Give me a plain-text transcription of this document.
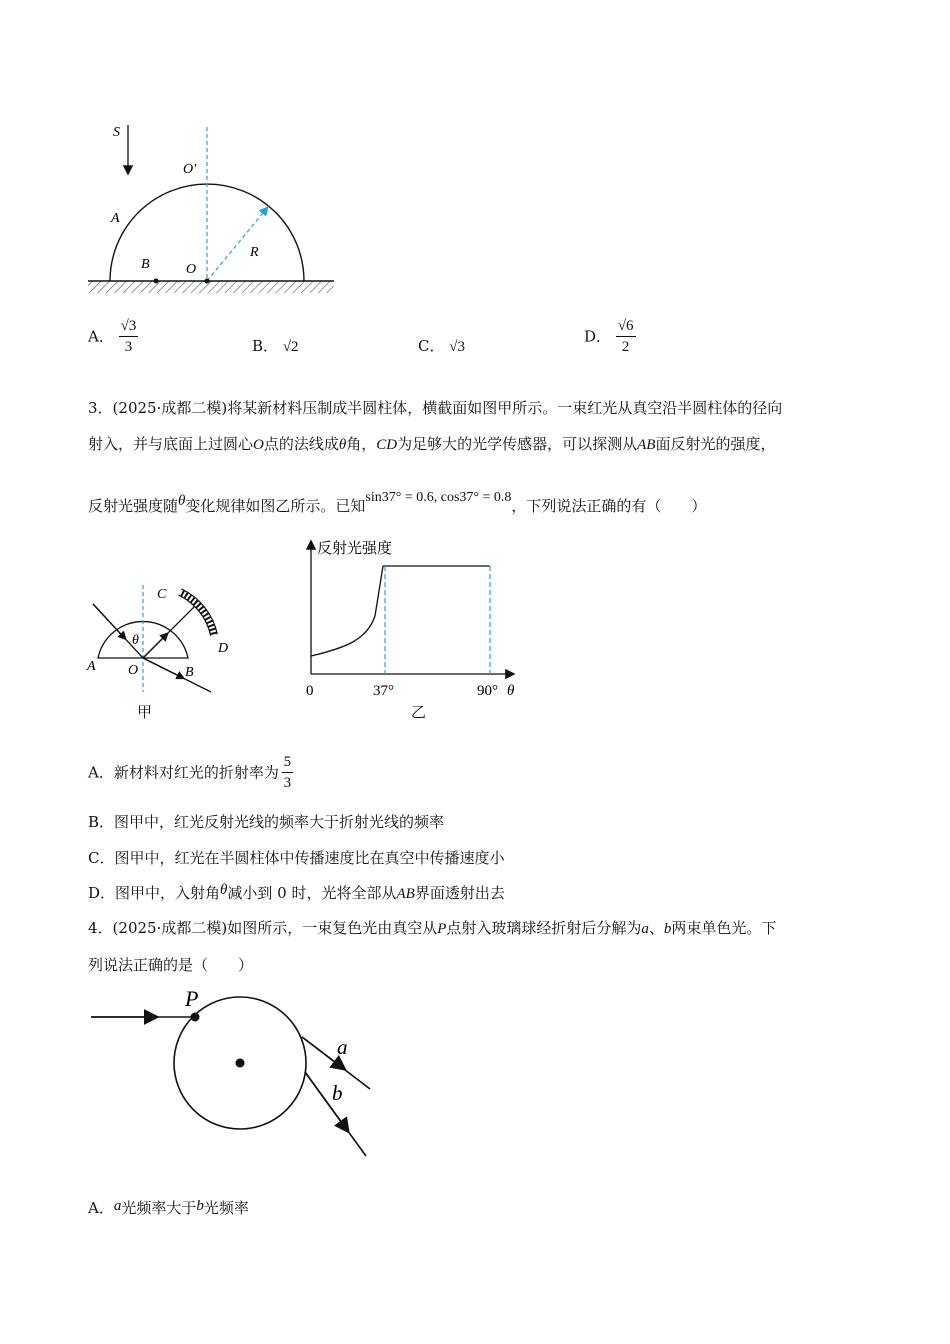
S
O'
A
R
B	O
A． $\frac{√3}{3}$	B． √2	C． √3
D． $\frac{√6}{2}$
3．(2025·成都二模)将某新材料压制成半圆柱体，横截面如图甲所示。一束红光从真空沿半圆柱体的径向
射入，并与底面上过圆心O点的法线成θ角，CD为足够大的光学传感器，可以探测从AB面反射光的强度，
反射光强度随θ变化规律如图乙所示。已知sin37° = 0.6, cos37° = 0.8，下列说法正确的有（　　）
C
θ
D
A O	B
甲
反射光强度
0	37°	90° θ
乙
A．新材料对红光的折射率为 $\frac{5}{3}$
B．图甲中，红光反射光线的频率大于折射光线的频率
C．图甲中，红光在半圆柱体中传播速度比在真空中传播速度小
D．图甲中，入射角θ减小到 0 时，光将全部从AB界面透射出去
4．(2025·成都二模)如图所示，一束复色光由真空从P点射入玻璃球经折射后分解为a、b两束单色光。下
列说法正确的是（　　）
P
a
b
A．a光频率大于b光频率
